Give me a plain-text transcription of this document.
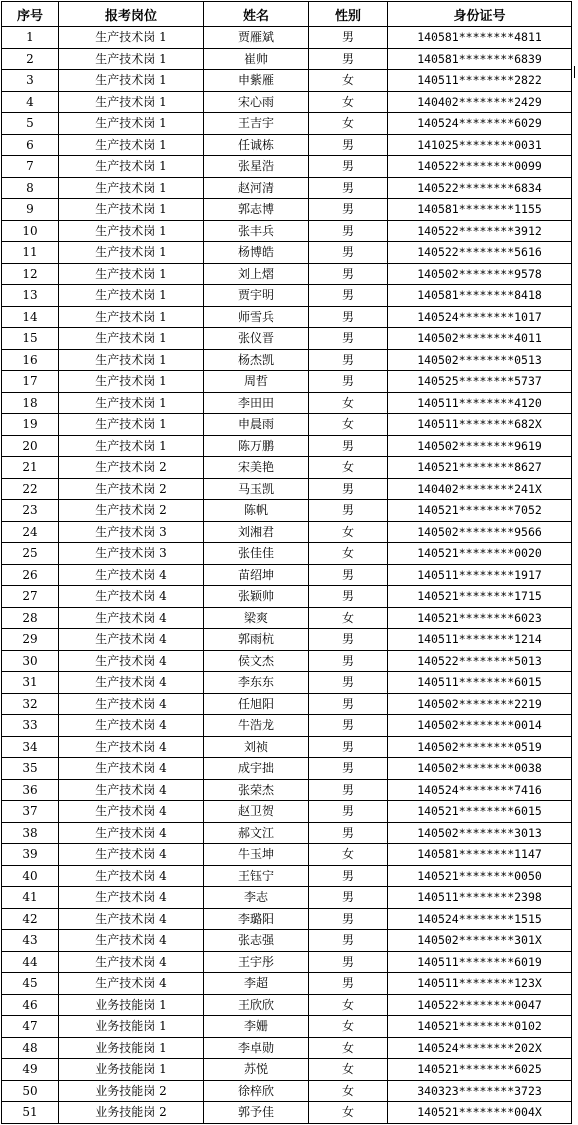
序号	报考岗位	姓名	性别	身份证号
1	生产技术岗 1	贾雁斌	男	140581********4811
2	生产技术岗 1	崔帅	男	140581********6839
3	生产技术岗 1	申紫雁	女	140511********2822
4	生产技术岗 1	宋心雨	女	140402********2429
5	生产技术岗 1	王吉宇	女	140524********6029
6	生产技术岗 1	任诚栋	男	141025********0031
7	生产技术岗 1	张星浩	男	140522********0099
8	生产技术岗 1	赵河清	男	140522********6834
9	生产技术岗 1	郭志博	男	140581********1155
10	生产技术岗 1	张丰兵	男	140522********3912
11	生产技术岗 1	杨博皓	男	140522********5616
12	生产技术岗 1	刘上熠	男	140502********9578
13	生产技术岗 1	贾宇明	男	140581********8418
14	生产技术岗 1	师雪兵	男	140524********1017
15	生产技术岗 1	张仪晋	男	140502********4011
16	生产技术岗 1	杨杰凯	男	140502********0513
17	生产技术岗 1	周哲	男	140525********5737
18	生产技术岗 1	李田田	女	140511********4120
19	生产技术岗 1	申晨雨	女	140511********682X
20	生产技术岗 1	陈万鹏	男	140502********9619
21	生产技术岗 2	宋美艳	女	140521********8627
22	生产技术岗 2	马玉凯	男	140402********241X
23	生产技术岗 2	陈帆	男	140521********7052
24	生产技术岗 3	刘湘君	女	140502********9566
25	生产技术岗 3	张佳佳	女	140521********0020
26	生产技术岗 4	苗绍坤	男	140511********1917
27	生产技术岗 4	张颖帅	男	140521********1715
28	生产技术岗 4	梁爽	女	140521********6023
29	生产技术岗 4	郭雨杭	男	140511********1214
30	生产技术岗 4	侯文杰	男	140522********5013
31	生产技术岗 4	李东东	男	140511********6015
32	生产技术岗 4	任旭阳	男	140502********2219
33	生产技术岗 4	牛浩龙	男	140502********0014
34	生产技术岗 4	刘祯	男	140502********0519
35	生产技术岗 4	成宇拙	男	140502********0038
36	生产技术岗 4	张荣杰	男	140524********7416
37	生产技术岗 4	赵卫贺	男	140521********6015
38	生产技术岗 4	郝文江	男	140502********3013
39	生产技术岗 4	牛玉坤	女	140581********1147
40	生产技术岗 4	王钰宁	男	140521********0050
41	生产技术岗 4	李志	男	140511********2398
42	生产技术岗 4	李璐阳	男	140524********1515
43	生产技术岗 4	张志强	男	140502********301X
44	生产技术岗 4	王宇彤	男	140511********6019
45	生产技术岗 4	李超	男	140511********123X
46	业务技能岗 1	王欣欣	女	140522********0047
47	业务技能岗 1	李姗	女	140521********0102
48	业务技能岗 1	李卓勋	女	140524********202X
49	业务技能岗 1	苏悦	女	140521********6025
50	业务技能岗 2	徐梓欣	女	340323********3723
51	业务技能岗 2	郭予佳	女	140521********004X
